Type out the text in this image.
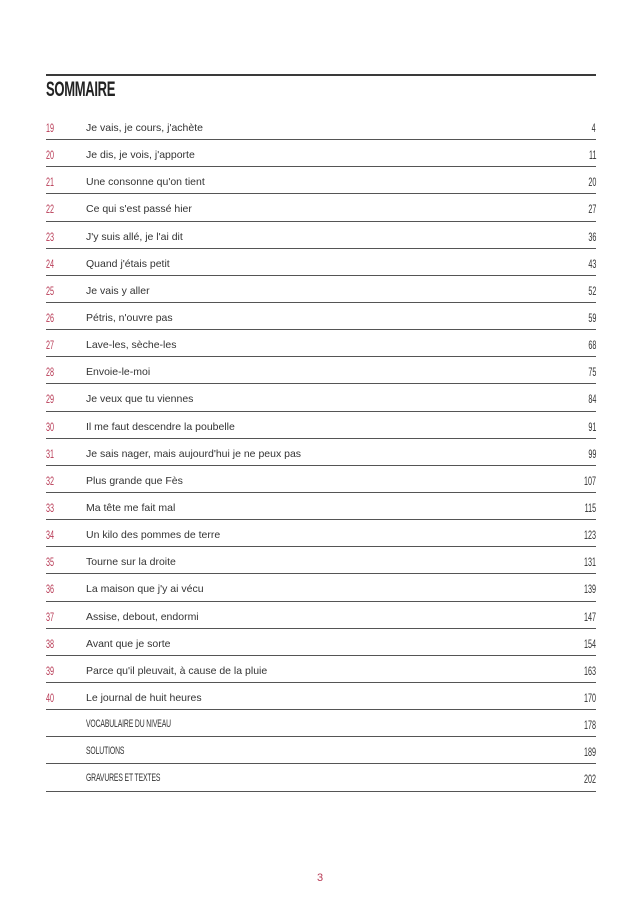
SOMMAIRE
19	Je vais, je cours, j'achète	4
20	Je dis, je vois, j'apporte	11
21	Une consonne qu'on tient	20
22	Ce qui s'est passé hier	27
23	J'y suis allé, je l'ai dit	36
24	Quand j'étais petit	43
25	Je vais y aller	52
26	Pétris, n'ouvre pas	59
27	Lave-les, sèche-les	68
28	Envoie-le-moi	75
29	Je veux que tu viennes	84
30	Il me faut descendre la poubelle	91
31	Je sais nager, mais aujourd'hui je ne peux pas	99
32	Plus grande que Fès	107
33	Ma tête me fait mal	115
34	Un kilo des pommes de terre	123
35	Tourne sur la droite	131
36	La maison que j'y ai vécu	139
37	Assise, debout, endormi	147
38	Avant que je sorte	154
39	Parce qu'il pleuvait, à cause de la pluie	163
40	Le journal de huit heures	170
VOCABULAIRE DU NIVEAU	178
SOLUTIONS	189
GRAVURES ET TEXTES	202
3
